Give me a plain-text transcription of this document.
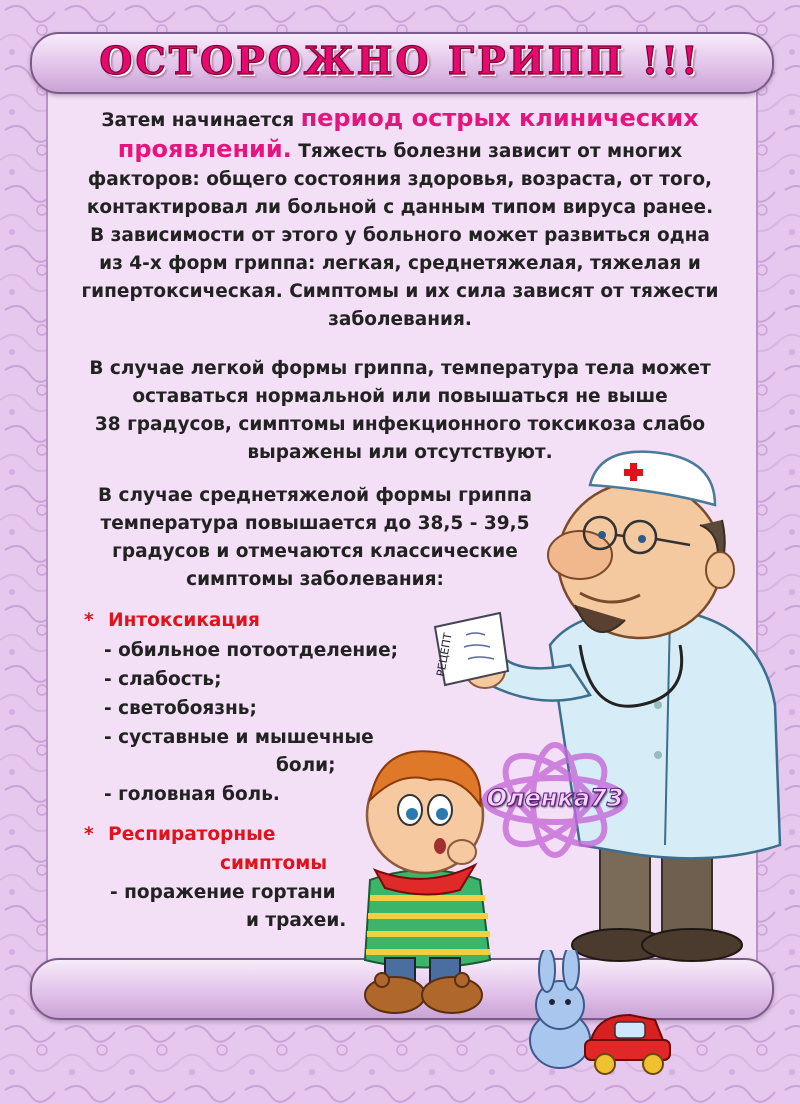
ОСТОРОЖНО ГРИПП !!!
Затем начинается период острых клинических
проявлений. Тяжесть болезни зависит от многих
факторов: общего состояния здоровья, возраста, от того,
контактировал ли больной с данным типом вируса ранее.
В зависимости от этого у больного может развиться одна
из 4-х форм гриппа: легкая, среднетяжелая, тяжелая и
гипертоксическая. Симптомы и их сила зависят от тяжести
заболевания.
В случае легкой формы гриппа, температура тела может
оставаться нормальной или повышаться не выше
38 градусов, симптомы инфекционного токсикоза слабо
выражены или отсутствуют.
В случае среднетяжелой формы гриппа
температура повышается до 38,5 - 39,5
градусов и отмечаются классические
симптомы заболевания:
* Интоксикация
- обильное потоотделение;
- слабость;
- светобоязнь;
- суставные и мышечные
боли;
- головная боль.
* Респираторные
симптомы
- поражение гортани
и трахеи.
РЕЦЕПТ
Оленка73
